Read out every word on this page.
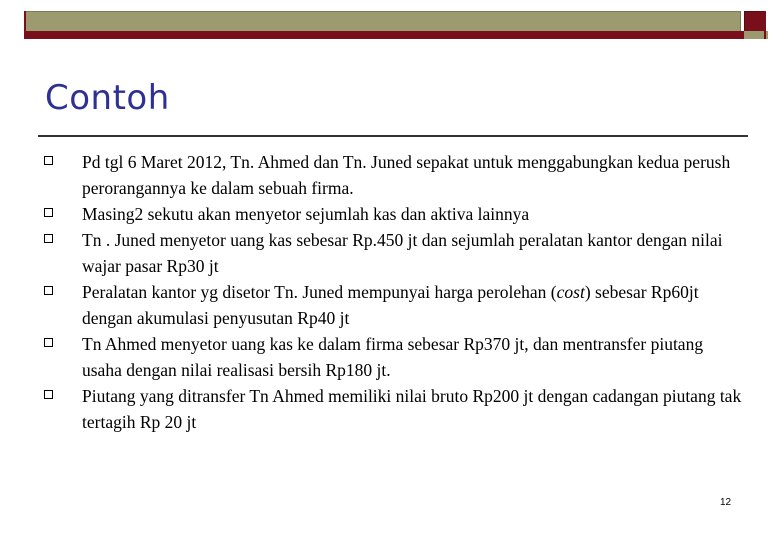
Contoh
Pd tgl 6 Maret 2012, Tn. Ahmed dan Tn. Juned sepakat untuk menggabungkan kedua perush perorangannya ke dalam sebuah firma.
Masing2 sekutu akan menyetor sejumlah kas dan aktiva lainnya
Tn . Juned menyetor uang kas sebesar Rp.450 jt dan sejumlah peralatan kantor dengan nilai wajar pasar Rp30 jt
Peralatan kantor yg disetor Tn. Juned mempunyai harga perolehan (cost) sebesar Rp60jt dengan akumulasi penyusutan Rp40 jt
Tn Ahmed menyetor uang kas ke dalam firma sebesar Rp370 jt, dan mentransfer piutang usaha dengan nilai realisasi bersih Rp180 jt.
Piutang yang ditransfer Tn Ahmed memiliki nilai bruto Rp200 jt dengan cadangan piutang tak tertagih Rp 20 jt
12
